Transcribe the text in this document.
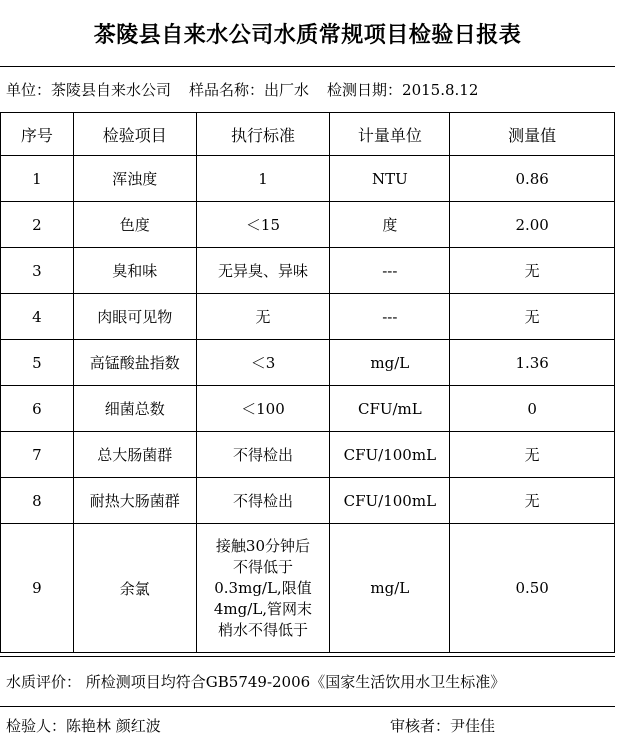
茶陵县自来水公司水质常规项目检验日报表
单位：茶陵县自来水公司 样品名称：出厂水 检测日期：2015.8.12
序号	检验项目	执行标准	计量单位	测量值
1	浑浊度	1	NTU	0.86
2	色度	＜15	度	2.00
3	臭和味	无异臭、异味	---	无
4	肉眼可见物	无	---	无
5	高锰酸盐指数	＜3	mg/L	1.36
6	细菌总数	＜100	CFU/mL	0
7	总大肠菌群	不得检出	CFU/100mL	无
8	耐热大肠菌群	不得检出	CFU/100mL	无
9	余氯	接触30分钟后
不得低于
0.3mg/L,限值
4mg/L,管网末
梢水不得低于	mg/L	0.50
水质评价： 所检测项目均符合GB5749-2006《国家生活饮用水卫生标准》
检验人：陈艳林 颜红波	审核者：尹佳佳
